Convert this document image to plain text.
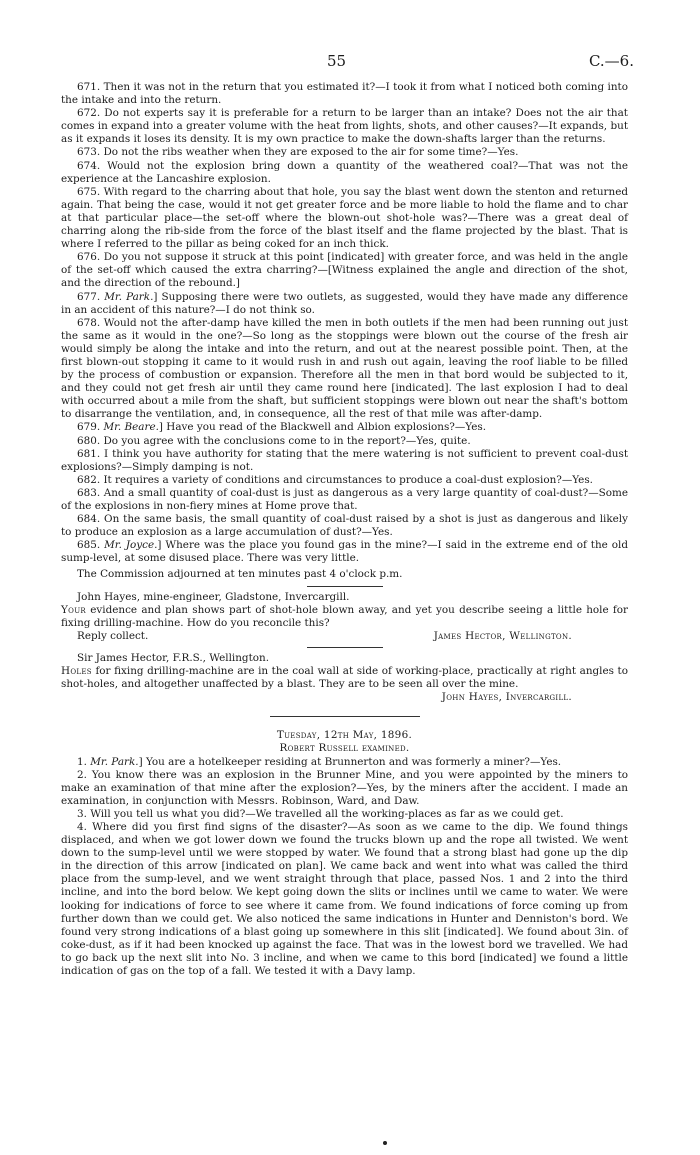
55	C.—6.

671. Then it was not in the return that you estimated it?—I took it from what I noticed both coming into the intake and into the return.

672. Do not experts say it is preferable for a return to be larger than an intake? Does not the air that comes in expand into a greater volume with the heat from lights, shots, and other causes?—It expands, but as it expands it loses its density. It is my own practice to make the down-shafts larger than the returns.

673. Do not the ribs weather when they are exposed to the air for some time?—Yes.

674. Would not the explosion bring down a quantity of the weathered coal?—That was not the experience at the Lancashire explosion.

675. With regard to the charring about that hole, you say the blast went down the stenton and returned again. That being the case, would it not get greater force and be more liable to hold the flame and to char at that particular place—the set-off where the blown-out shot-hole was?—There was a great deal of charring along the rib-side from the force of the blast itself and the flame projected by the blast. That is where I referred to the pillar as being coked for an inch thick.

676. Do you not suppose it struck at this point [indicated] with greater force, and was held in the angle of the set-off which caused the extra charring?—[Witness explained the angle and direction of the shot, and the direction of the rebound.]

677. Mr. Park.] Supposing there were two outlets, as suggested, would they have made any difference in an accident of this nature?—I do not think so.

678. Would not the after-damp have killed the men in both outlets if the men had been running out just the same as it would in the one?—So long as the stoppings were blown out the course of the fresh air would simply be along the intake and into the return, and out at the nearest possible point. Then, at the first blown-out stopping it came to it would rush in and rush out again, leaving the roof liable to be filled by the process of combustion or expansion. Therefore all the men in that bord would be subjected to it, and they could not get fresh air until they came round here [indicated]. The last explosion I had to deal with occurred about a mile from the shaft, but sufficient stoppings were blown out near the shaft's bottom to disarrange the ventilation, and, in consequence, all the rest of that mile was after-damp.

679. Mr. Beare.] Have you read of the Blackwell and Albion explosions?—Yes.

680. Do you agree with the conclusions come to in the report?—Yes, quite.

681. I think you have authority for stating that the mere watering is not sufficient to prevent coal-dust explosions?—Simply damping is not.

682. It requires a variety of conditions and circumstances to produce a coal-dust explosion?—Yes.

683. And a small quantity of coal-dust is just as dangerous as a very large quantity of coal-dust?—Some of the explosions in non-fiery mines at Home prove that.

684. On the same basis, the small quantity of coal-dust raised by a shot is just as dangerous and likely to produce an explosion as a large accumulation of dust?—Yes.

685. Mr. Joyce.] Where was the place you found gas in the mine?—I said in the extreme end of the old sump-level, at some disused place. There was very little.

The Commission adjourned at ten minutes past 4 o'clock p.m.

John Hayes, mine-engineer, Gladstone, Invercargill.

Your evidence and plan shows part of shot-hole blown away, and yet you describe seeing a little hole for fixing drilling-machine. How do you reconcile this?

Reply collect.	James Hector, Wellington.

Sir James Hector, F.R.S., Wellington.

Holes for fixing drilling-machine are in the coal wall at side of working-place, practically at right angles to shot-holes, and altogether unaffected by a blast. They are to be seen all over the mine.

John Hayes, Invercargill.

Tuesday, 12th May, 1896.

Robert Russell examined.

1. Mr. Park.] You are a hotelkeeper residing at Brunnerton and was formerly a miner?—Yes.

2. You know there was an explosion in the Brunner Mine, and you were appointed by the miners to make an examination of that mine after the explosion?—Yes, by the miners after the accident. I made an examination, in conjunction with Messrs. Robinson, Ward, and Daw.

3. Will you tell us what you did?—We travelled all the working-places as far as we could get.

4. Where did you first find signs of the disaster?—As soon as we came to the dip. We found things displaced, and when we got lower down we found the trucks blown up and the rope all twisted. We went down to the sump-level until we were stopped by water. We found that a strong blast had gone up the dip in the direction of this arrow [indicated on plan]. We came back and went into what was called the third place from the sump-level, and we went straight through that place, passed Nos. 1 and 2 into the third incline, and into the bord below. We kept going down the slits or inclines until we came to water. We were looking for indications of force to see where it came from. We found indications of force coming up from further down than we could get. We also noticed the same indications in Hunter and Denniston's bord. We found very strong indications of a blast going up somewhere in this slit [indicated]. We found about 3in. of coke-dust, as if it had been knocked up against the face. That was in the lowest bord we travelled. We had to go back up the next slit into No. 3 incline, and when we came to this bord [indicated] we found a little indication of gas on the top of a fall. We tested it with a Davy lamp.
